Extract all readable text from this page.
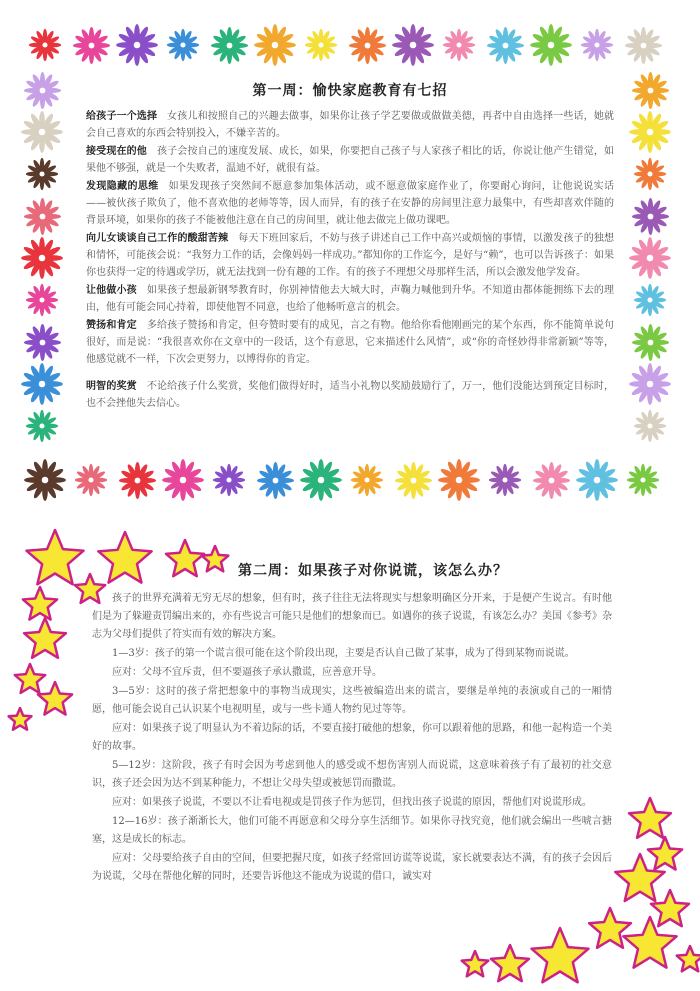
第一周：愉快家庭教育有七招

给孩子一个选择 女孩儿和按照自己的兴趣去做事，如果你让孩子学艺要做或做做美德，再者中自由选择一些话，她就会自己喜欢的东西会特别投入，不嫌辛苦的。

接受现在的他 孩子会按自己的速度发展、成长，如果，你要把自己孩子与人家孩子相比的话，你说让他产生错觉，如果他不够强，就是一个失败者，温迪不好，就很有益。

发现隐藏的思维 如果发现孩子突然间不愿意参加集体活动，或不愿意做家庭作业了，你要耐心询问，让他说说实话——被伙孩子欺负了，他不喜欢他的老师等等，因人而异，有的孩子在安静的房间里注意力最集中，有些却喜欢伴随的背景环境，如果你的孩子不能被他注意在自己的房间里，就让他去做完上做功课吧。

向儿女谈谈自己工作的酸甜苦辣 每天下班回家后，不妨与孩子讲述自己工作中高兴或烦恼的事情，以激发孩子的独想和情怀，可能孩会说：“我努力工作的话，会像妈妈一样成功。”都知你的工作迄今，是好与“赖”，也可以告诉孩子：如果你也获得一定的待遇或学历，就无法找到一份有趣的工作。有的孩子不理想父母那样生活，所以会激发他学发奋。

让他做小孩 如果孩子想最新钢琴教育时，你别神情他去大城大时，声鞠力喊他到升华。不知道由都体能拥练下去的理由，他有可能会同心持着，即使他智不同意，也给了他畅听意言的机会。

赞扬和肯定 多给孩子赞扬和肯定，但夸赞时要有的成见，言之有物。他给你看他刚画完的某个东西，你不能简单说句很好，而是说：“我很喜欢你在文章中的一段话，这个有意思，它来描述什么风情”，或“你的奇怪妙得非常新颖”等等，他感觉就不一样，下次会更努力，以博得你的肯定。

明智的奖赏 不论给孩子什么奖赏，奖他们做得好时，适当小礼物以奖励鼓励行了，万一，他们没能达到预定目标时，也不会挫他失去信心。

第二周：如果孩子对你说谎，该怎么办？

孩子的世界充满着无穷无尽的想象，但有时，孩子往往无法将现实与想象明确区分开来，于是便产生说言。有时他们是为了躲避责罚编出来的，亦有些说言可能只是他们的想象而已。如遇你的孩子说谎，有该怎么办？美国《参考》杂志为父母们提供了符实而有效的解决方案。

1—3岁：孩子的第一个谎言很可能在这个阶段出现，主要是否认自己做了某事，成为了得到某物而说谎。

应对：父母不宜斥责，但不要逼孩子承认撒谎，应善意开导。

3—5岁：这时的孩子常把想象中的事物当成现实，这些被编造出来的谎言，要继是单纯的表演或自己的一厢情愿，他可能会说自己认识某个电视明星，或与一些卡通人物约见过等等。

应对：如果孩子说了明显认为不着边际的话，不要直接打破他的想象，你可以跟着他的思路，和他一起构造一个美好的故事。

5—12岁：这阶段，孩子有时会因为考虑到他人的感受或不想伤害别人而说谎，这意味着孩子有了最初的社交意识，孩子还会因为达不到某种能力，不想让父母失望或被惩罚而撒谎。

应对：如果孩子说谎，不要以不让看电视或是罚孩子作为惩罚，但找出孩子说谎的原因，帮他们对说谎形成。

12—16岁：孩子渐渐长大，他们可能不再愿意和父母分享生活细节。如果你寻找究竟，他们就会编出一些唬言搪塞，这是成长的标志。

应对：父母要给孩子自由的空间，但要把握尺度，如孩子经常回访谎等说谎，家长就要表达不满，有的孩子会因后为说谎，父母在帮他化解的同时，还要告诉他这不能成为说谎的借口，诚实对
